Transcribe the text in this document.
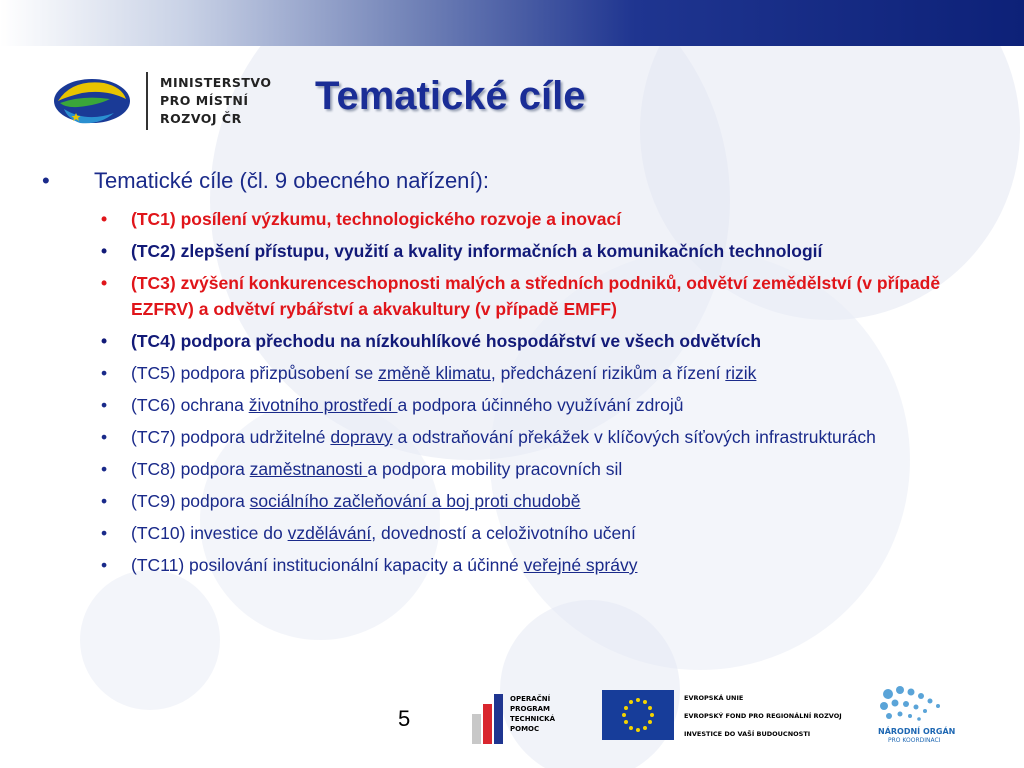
MINISTERSTVO
PRO MÍSTNÍ
ROZVOJ ČR
Tematické cíle
• Tematické cíle (čl. 9 obecného nařízení):
• (TC1) posílení výzkumu, technologického rozvoje a inovací
• (TC2) zlepšení přístupu, využití a kvality informačních a komunikačních technologií
• (TC3) zvýšení konkurenceschopnosti malých a středních podniků, odvětví zemědělství (v případě EZFRV) a odvětví rybářství a akvakultury (v případě EMFF)
• (TC4) podpora přechodu na nízkouhlíkové hospodářství ve všech odvětvích
• (TC5) podpora přizpůsobení se změně klimatu, předcházení rizikům a řízení rizik
• (TC6) ochrana životního prostředí a podpora účinného využívání zdrojů
• (TC7) podpora udržitelné dopravy a odstraňování překážek v klíčových síťových infrastrukturách
• (TC8) podpora zaměstnanosti a podpora mobility pracovních sil
• (TC9) podpora sociálního začleňování a boj proti chudobě
• (TC10) investice do vzdělávání, dovedností a celoživotního učení
• (TC11) posilování institucionální kapacity a účinné veřejné správy
5
OPERAČNÍ
PROGRAM
TECHNICKÁ
POMOC
EVROPSKÁ UNIE
EVROPSKÝ FOND PRO REGIONÁLNÍ ROZVOJ
INVESTICE DO VAŠÍ BUDOUCNOSTI	NÁRODNÍ ORGÁN
PRO KOORDINACI
